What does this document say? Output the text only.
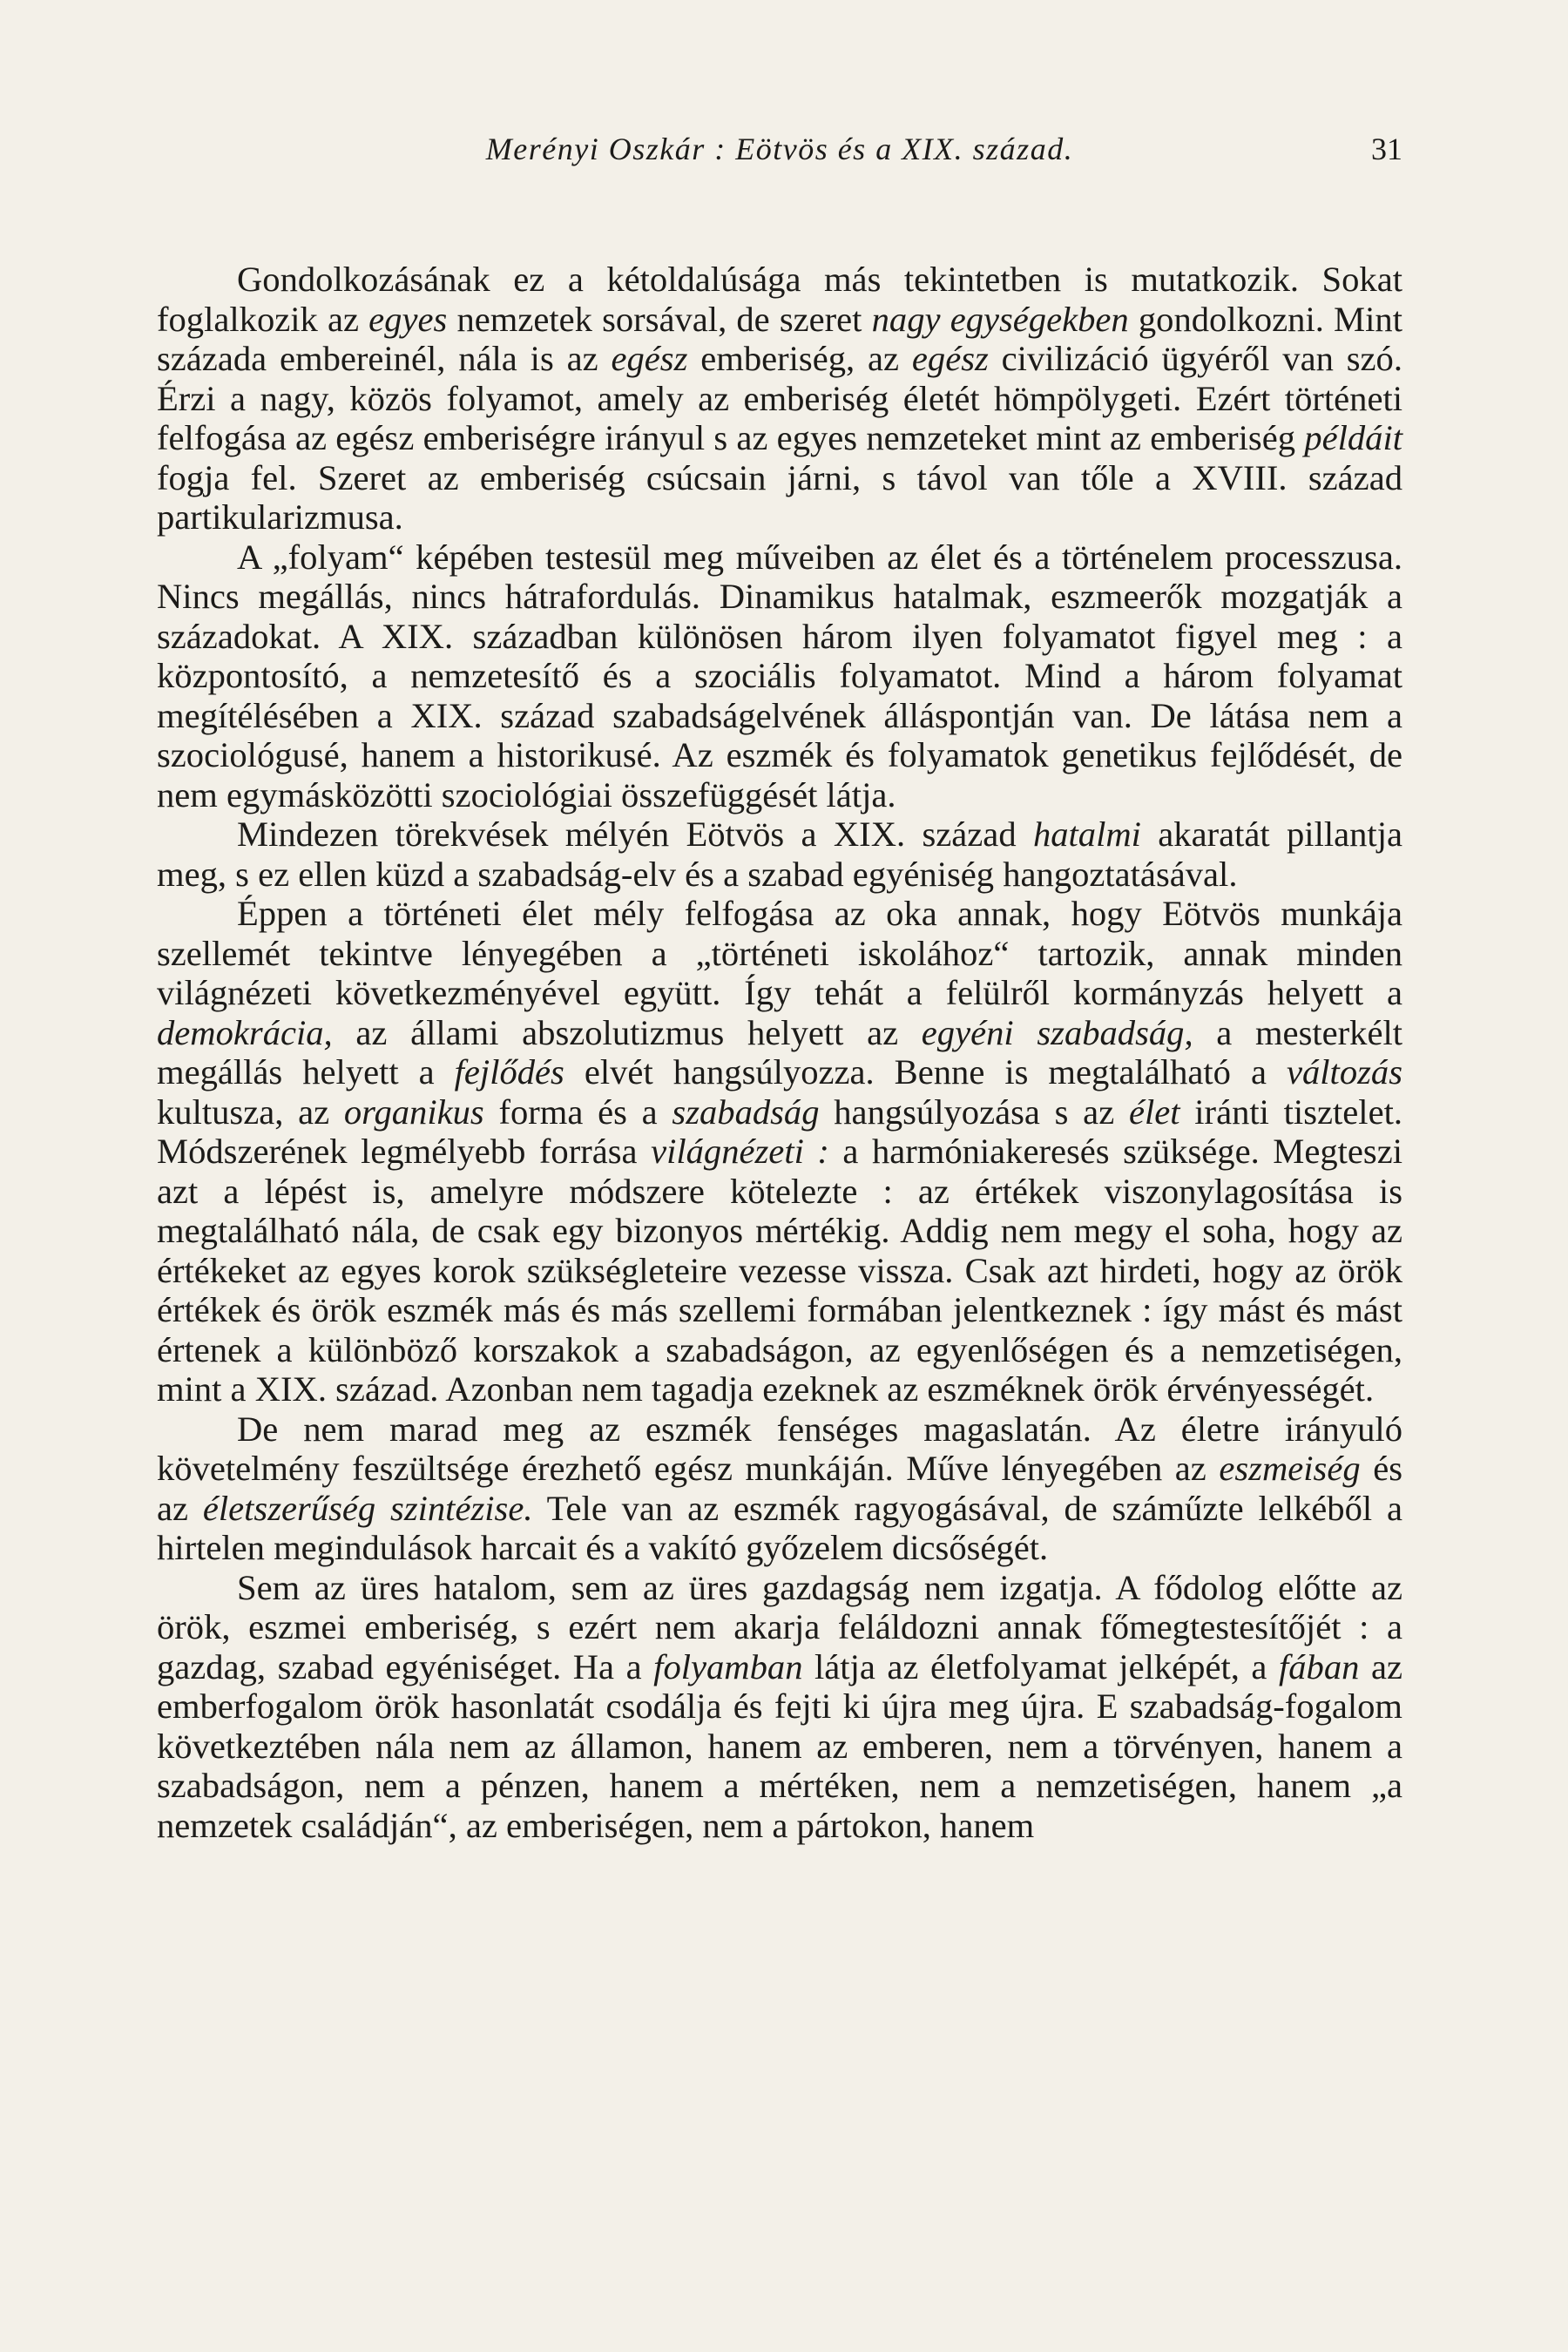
Merényi Oszkár : Eötvös és a XIX. század.	31

Gondolkozásának ez a kétoldalúsága más tekintetben is mutatkozik. Sokat foglalkozik az egyes nemzetek sorsával, de szeret nagy egységekben gondolkozni. Mint százada embereinél, nála is az egész emberiség, az egész civilizáció ügyéről van szó. Érzi a nagy, közös folyamot, amely az emberiség életét hömpölygeti. Ezért történeti felfogása az egész emberiségre irányul s az egyes nemzeteket mint az emberiség példáit fogja fel. Szeret az emberiség csúcsain járni, s távol van tőle a XVIII. század partikularizmusa.

A „folyam“ képében testesül meg műveiben az élet és a történelem processzusa. Nincs megállás, nincs hátrafordulás. Dinamikus hatalmak, eszmeerők mozgatják a századokat. A XIX. században különösen három ilyen folyamatot figyel meg : a központosító, a nemzetesítő és a szociális folyamatot. Mind a három folyamat megítélésében a XIX. század szabadságelvének álláspontján van. De látása nem a szociológusé, hanem a historikusé. Az eszmék és folyamatok genetikus fejlődését, de nem egymásközötti szociológiai összefüggését látja.

Mindezen törekvések mélyén Eötvös a XIX. század hatalmi akaratát pillantja meg, s ez ellen küzd a szabadság-elv és a szabad egyéniség hangoztatásával.

Éppen a történeti élet mély felfogása az oka annak, hogy Eötvös munkája szellemét tekintve lényegében a „történeti iskolához“ tartozik, annak minden világnézeti következményével együtt. Így tehát a felülről kormányzás helyett a demokrácia, az állami abszolutizmus helyett az egyéni szabadság, a mesterkélt megállás helyett a fejlődés elvét hangsúlyozza. Benne is megtalálható a változás kultusza, az organikus forma és a szabadság hangsúlyozása s az élet iránti tisztelet. Módszerének legmélyebb forrása világnézeti : a harmóniakeresés szüksége. Megteszi azt a lépést is, amelyre módszere kötelezte : az értékek viszonylagosítása is megtalálható nála, de csak egy bizonyos mértékig. Addig nem megy el soha, hogy az értékeket az egyes korok szükségleteire vezesse vissza. Csak azt hirdeti, hogy az örök értékek és örök eszmék más és más szellemi formában jelentkeznek : így mást és mást értenek a különböző korszakok a szabadságon, az egyenlőségen és a nemzetiségen, mint a XIX. század. Azonban nem tagadja ezeknek az eszméknek örök érvényességét.

De nem marad meg az eszmék fenséges magaslatán. Az életre irányuló követelmény feszültsége érezhető egész munkáján. Műve lényegében az eszmeiség és az életszerűség szintézise. Tele van az eszmék ragyogásával, de száműzte lelkéből a hirtelen megindulások harcait és a vakító győzelem dicsőségét.

Sem az üres hatalom, sem az üres gazdagság nem izgatja. A fődolog előtte az örök, eszmei emberiség, s ezért nem akarja feláldozni annak főmegtestesítőjét : a gazdag, szabad egyéniséget. Ha a folyamban látja az életfolyamat jelképét, a fában az emberfogalom örök hasonlatát csodálja és fejti ki újra meg újra. E szabadság-fogalom következtében nála nem az államon, hanem az emberen, nem a törvényen, hanem a szabadságon, nem a pénzen, hanem a mértéken, nem a nemzetiségen, hanem „a nemzetek családján“, az emberiségen, nem a pártokon, hanem
